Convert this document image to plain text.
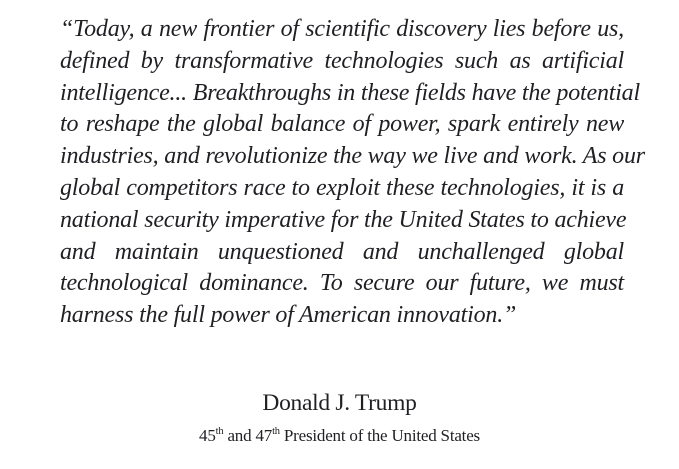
“Today, a new frontier of scientific discovery lies before us,
defined by transformative technologies such as artificial
intelligence... Breakthroughs in these fields have the potential
to reshape the global balance of power, spark entirely new
industries, and revolutionize the way we live and work. As our
global competitors race to exploit these technologies, it is a
national security imperative for the United States to achieve
and maintain unquestioned and unchallenged global
technological dominance. To secure our future, we must
harness the full power of American innovation.”
Donald J. Trump
45th and 47th President of the United States
